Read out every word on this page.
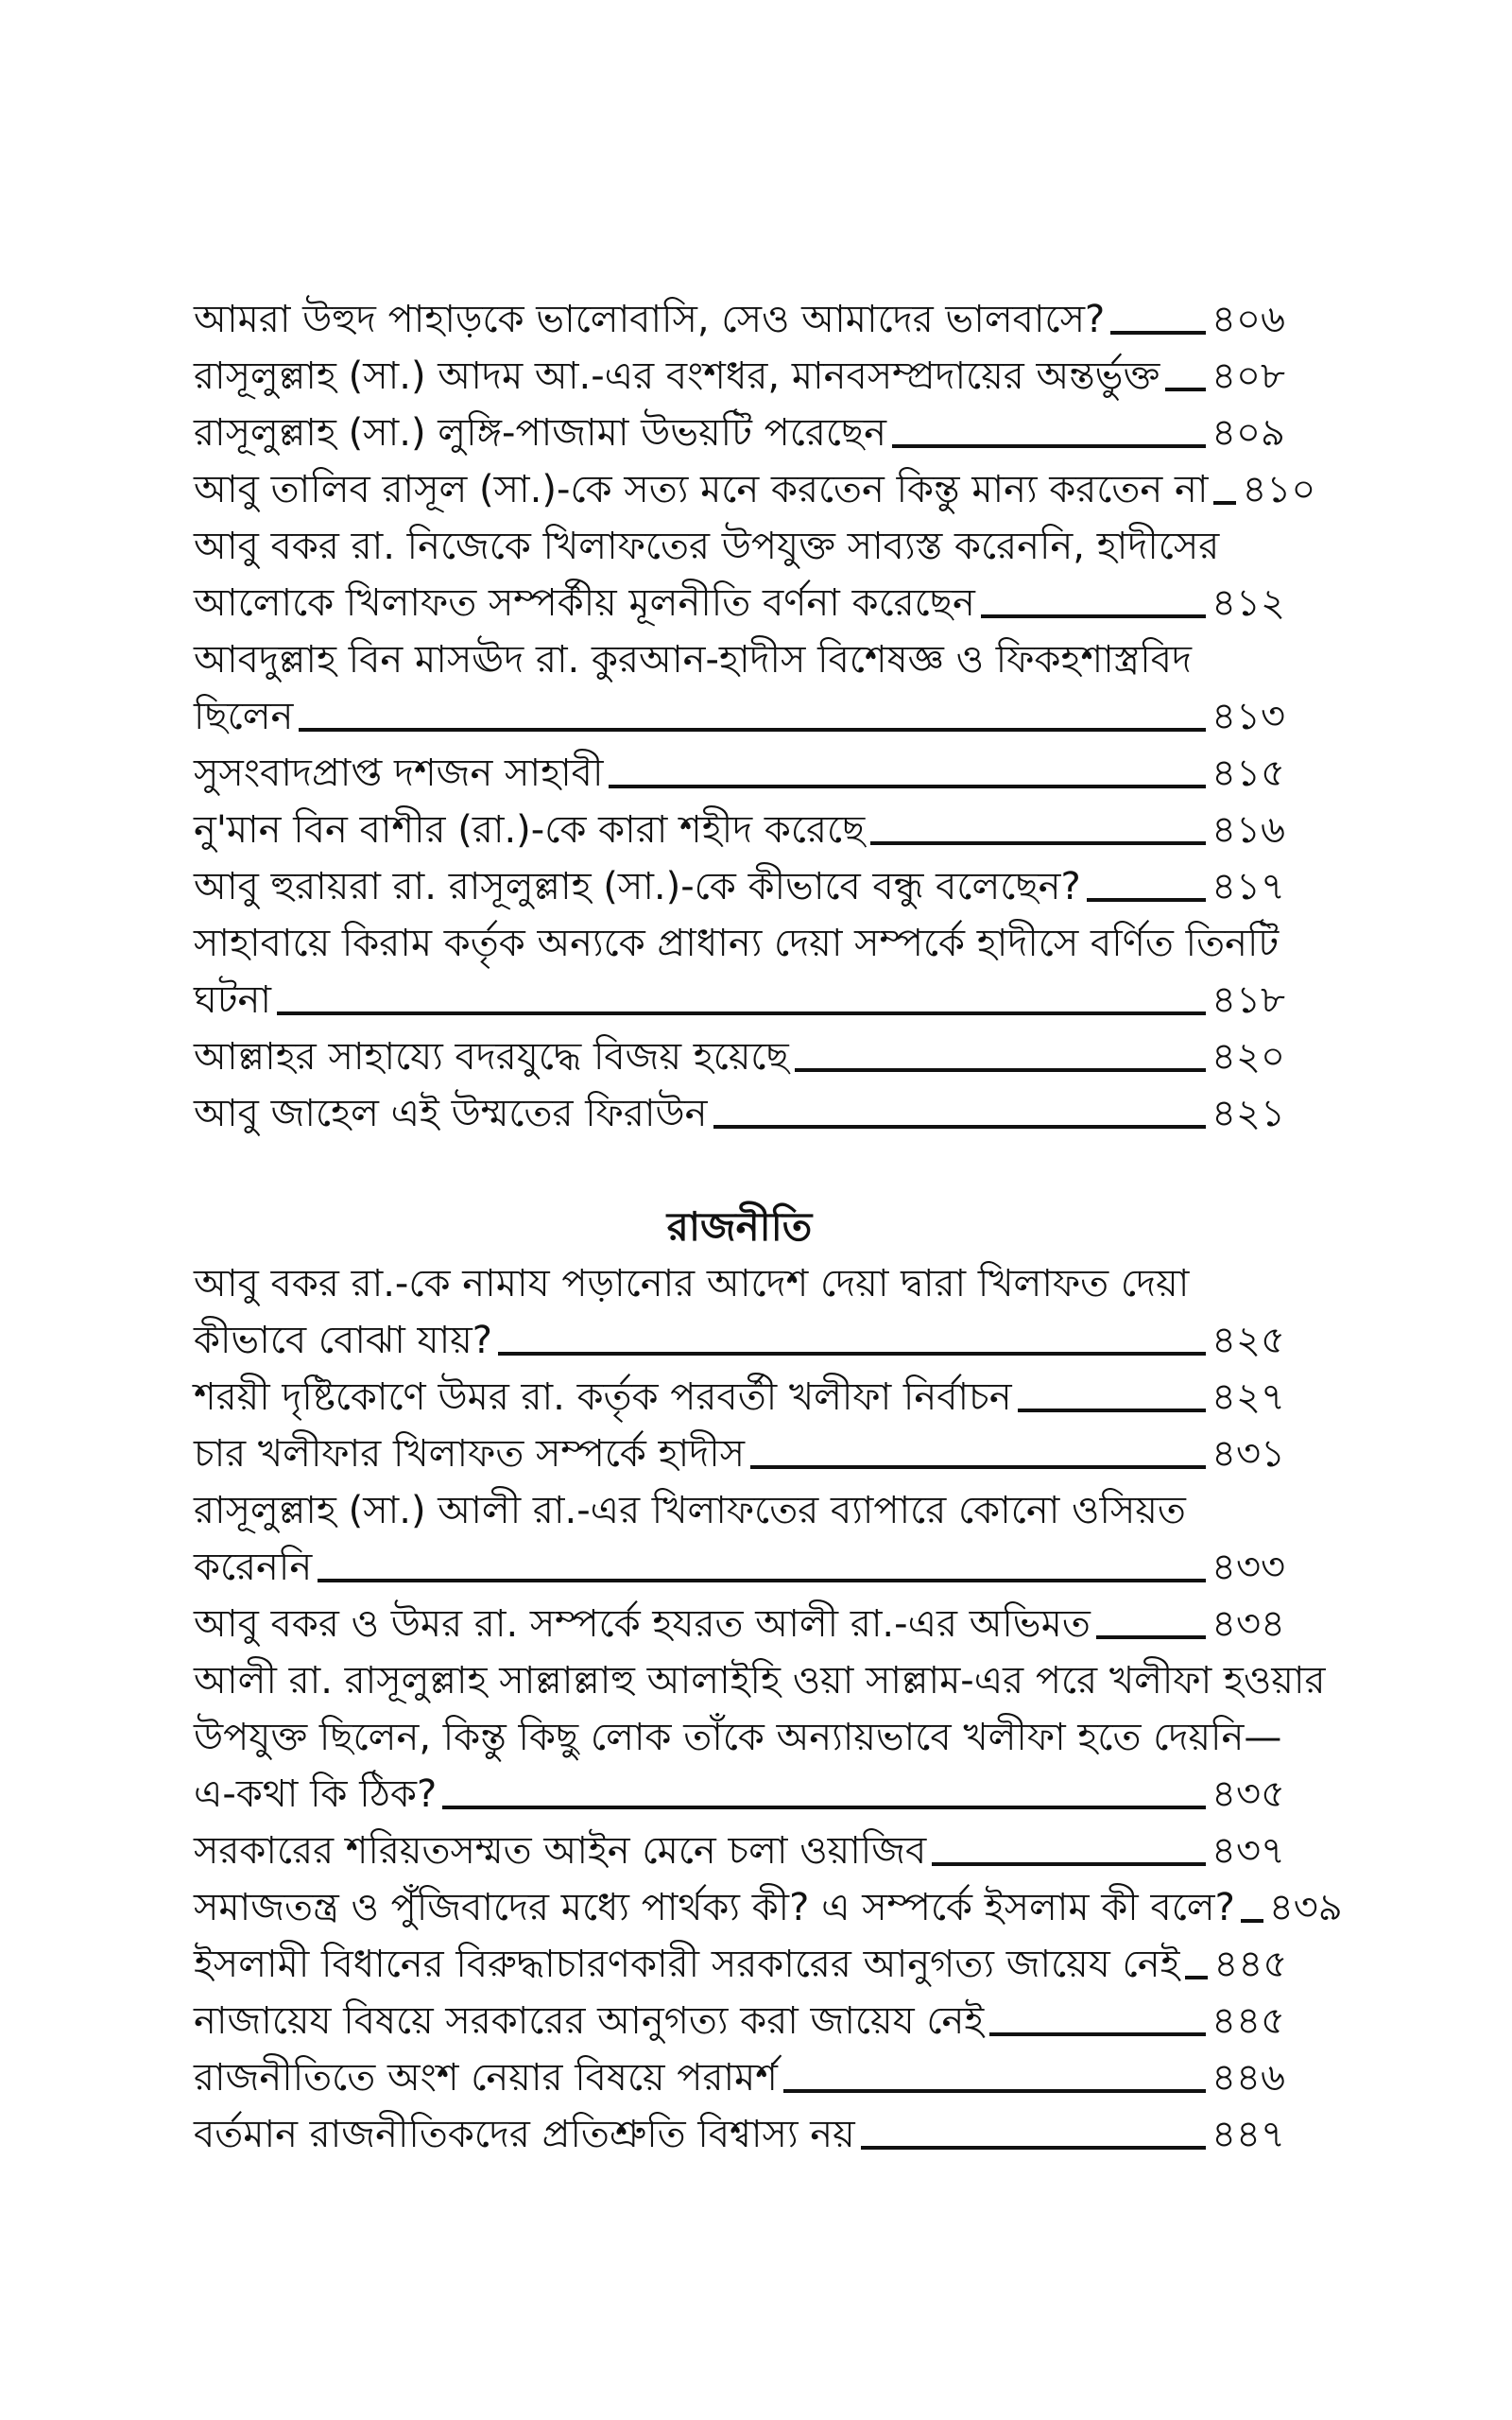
আমরা উহুদ পাহাড়কে ভালোবাসি, সেও আমাদের ভালবাসে?	৪০৬
রাসূলুল্লাহ (সা.) আদম আ.-এর বংশধর, মানবসম্প্রদায়ের অন্তর্ভুক্ত ৪০৮
রাসূলুল্লাহ (সা.) লুঙ্গি-পাজামা উভয়টি পরেছেন	৪০৯
আবু তালিব রাসূল (সা.)-কে সত্য মনে করতেন কিন্তু মান্য করতেন না ৪১০
আবু বকর রা. নিজেকে খিলাফতের উপযুক্ত সাব্যস্ত করেননি, হাদীসের
আলোকে খিলাফত সম্পর্কীয় মূলনীতি বর্ণনা করেছেন	৪১২
আবদুল্লাহ বিন মাসঊদ রা. কুরআন-হাদীস বিশেষজ্ঞ ও ফিকহশাস্ত্রবিদ
ছিলেন	৪১৩
সুসংবাদপ্রাপ্ত দশজন সাহাবী	৪১৫
নু'মান বিন বাশীর (রা.)-কে কারা শহীদ করেছে	৪১৬
আবু হুরায়রা রা. রাসূলুল্লাহ (সা.)-কে কীভাবে বন্ধু বলেছেন?	৪১৭
সাহাবায়ে কিরাম কর্তৃক অন্যকে প্রাধান্য দেয়া সম্পর্কে হাদীসে বর্ণিত তিনটি
ঘটনা	৪১৮
আল্লাহর সাহায্যে বদরযুদ্ধে বিজয় হয়েছে	৪২০
আবু জাহেল এই উম্মতের ফিরাউন	৪২১
রাজনীতি
আবু বকর রা.-কে নামায পড়ানোর আদেশ দেয়া দ্বারা খিলাফত দেয়া
কীভাবে বোঝা যায়?	৪২৫
শরয়ী দৃষ্টিকোণে উমর রা. কর্তৃক পরবর্তী খলীফা নির্বাচন	৪২৭
চার খলীফার খিলাফত সম্পর্কে হাদীস	৪৩১
রাসূলুল্লাহ (সা.) আলী রা.-এর খিলাফতের ব্যাপারে কোনো ওসিয়ত
করেননি	৪৩৩
আবু বকর ও উমর রা. সম্পর্কে হযরত আলী রা.-এর অভিমত	৪৩৪
আলী রা. রাসূলুল্লাহ সাল্লাল্লাহু আলাইহি ওয়া সাল্লাম-এর পরে খলীফা হওয়ার
উপযুক্ত ছিলেন, কিন্তু কিছু লোক তাঁকে অন্যায়ভাবে খলীফা হতে দেয়নি—
এ-কথা কি ঠিক?	৪৩৫
সরকারের শরিয়তসম্মত আইন মেনে চলা ওয়াজিব	৪৩৭
সমাজতন্ত্র ও পুঁজিবাদের মধ্যে পার্থক্য কী? এ সম্পর্কে ইসলাম কী বলে? ৪৩৯
ইসলামী বিধানের বিরুদ্ধাচারণকারী সরকারের আনুগত্য জায়েয নেই ৪৪৫
নাজায়েয বিষয়ে সরকারের আনুগত্য করা জায়েয নেই	৪৪৫
রাজনীতিতে অংশ নেয়ার বিষয়ে পরামর্শ	৪৪৬
বর্তমান রাজনীতিকদের প্রতিশ্রুতি বিশ্বাস্য নয়	৪৪৭
